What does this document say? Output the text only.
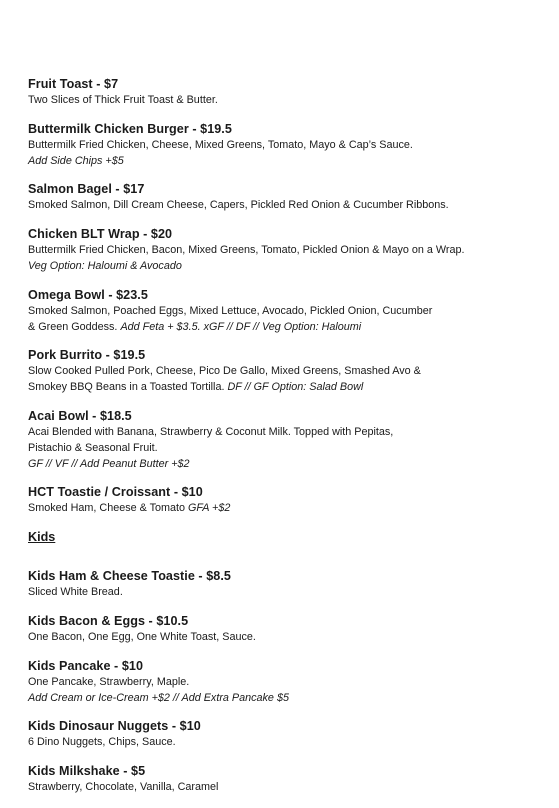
Fruit Toast - $7
Two Slices of Thick Fruit Toast & Butter.
Buttermilk Chicken Burger - $19.5
Buttermilk Fried Chicken, Cheese, Mixed Greens, Tomato, Mayo & Cap’s Sauce.
Add Side Chips +$5
Salmon Bagel - $17
Smoked Salmon, Dill Cream Cheese, Capers, Pickled Red Onion & Cucumber Ribbons.
Chicken BLT Wrap - $20
Buttermilk Fried Chicken, Bacon, Mixed Greens, Tomato, Pickled Onion & Mayo on a Wrap.
Veg Option: Haloumi & Avocado
Omega Bowl - $23.5
Smoked Salmon, Poached Eggs, Mixed Lettuce, Avocado, Pickled Onion, Cucumber
& Green Goddess. Add Feta + $3.5. xGF // DF // Veg Option: Haloumi
Pork Burrito - $19.5
Slow Cooked Pulled Pork, Cheese, Pico De Gallo, Mixed Greens, Smashed Avo &
Smokey BBQ Beans in a Toasted Tortilla. DF // GF Option: Salad Bowl
Acai Bowl - $18.5
Acai Blended with Banana, Strawberry & Coconut Milk. Topped with Pepitas,
Pistachio & Seasonal Fruit.
GF // VF // Add Peanut Butter +$2
HCT Toastie / Croissant - $10
Smoked Ham, Cheese & Tomato GFA +$2
Kids
Kids Ham & Cheese Toastie - $8.5
Sliced White Bread.
Kids Bacon & Eggs - $10.5
One Bacon, One Egg, One White Toast, Sauce.
Kids Pancake - $10
One Pancake, Strawberry, Maple.
Add Cream or Ice-Cream +$2 // Add Extra Pancake $5
Kids Dinosaur Nuggets - $10
6 Dino Nuggets, Chips, Sauce.
Kids Milkshake - $5
Strawberry, Chocolate, Vanilla, Caramel
